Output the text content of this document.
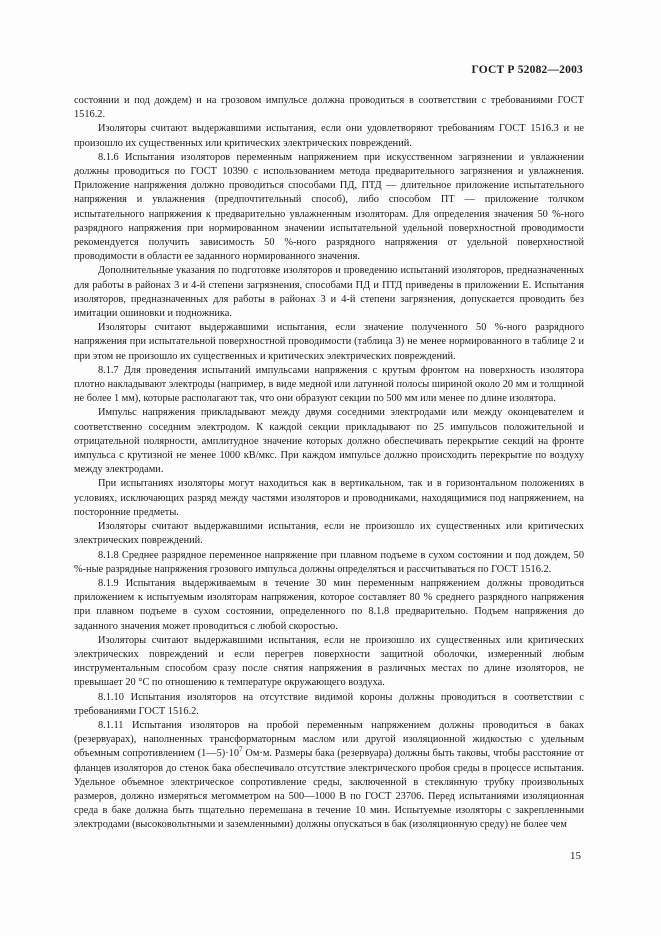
ГОСТ Р 52082—2003

состоянии и под дождем) и на грозовом импульсе должна проводиться в соответствии с требованиями ГОСТ 1516.2.

Изоляторы считают выдержавшими испытания, если они удовлетворяют требованиям ГОСТ 1516.3 и не произошло их существенных или критических электрических повреждений.

8.1.6 Испытания изоляторов переменным напряжением при искусственном загрязнении и увлажнении должны проводиться по ГОСТ 10390 с использованием метода предварительного загрязнения и увлажнения. Приложение напряжения должно проводиться способами ПД, ПТД — длительное приложение испытательного напряжения и увлажнения (предпочтительный способ), либо способом ПТ — приложение толчком испытательного напряжения к предварительно увлажненным изоляторам. Для определения значения 50 %-ного разрядного напряжения при нормированном значении испытательной удельной поверхностной проводимости рекомендуется получить зависимость 50 %-ного разрядного напряжения от удельной поверхностной проводимости в области ее заданного нормированного значения.

Дополнительные указания по подготовке изоляторов и проведению испытаний изоляторов, предназначенных для работы в районах 3 и 4-й степени загрязнения, способами ПД и ПТД приведены в приложении Е. Испытания изоляторов, предназначенных для работы в районах 3 и 4-й степени загрязнения, допускается проводить без имитации ошиновки и подножника.

Изоляторы считают выдержавшими испытания, если значение полученного 50 %-ного разрядного напряжения при испытательной поверхностной проводимости (таблица 3) не менее нормированного в таблице 2 и при этом не произошло их существенных и критических электрических повреждений.

8.1.7 Для проведения испытаний импульсами напряжения с крутым фронтом на поверхность изолятора плотно накладывают электроды (например, в виде медной или латунной полосы шириной около 20 мм и толщиной не более 1 мм), которые располагают так, что они образуют секции по 500 мм или менее по длине изолятора.

Импульс напряжения прикладывают между двумя соседними электродами или между оконцевателем и соответственно соседним электродом. К каждой секции прикладывают по 25 импульсов положительной и отрицательной полярности, амплитудное значение которых должно обеспечивать перекрытие секций на фронте импульса с крутизной не менее 1000 кВ/мкс. При каждом импульсе должно происходить перекрытие по воздуху между электродами.

При испытаниях изоляторы могут находиться как в вертикальном, так и в горизонтальном положениях в условиях, исключающих разряд между частями изоляторов и проводниками, находящимися под напряжением, на посторонние предметы.

Изоляторы считают выдержавшими испытания, если не произошло их существенных или критических электрических повреждений.

8.1.8 Среднее разрядное переменное напряжение при плавном подъеме в сухом состоянии и под дождем, 50 %-ные разрядные напряжения грозового импульса должны определяться и рассчитываться по ГОСТ 1516.2.

8.1.9 Испытания выдерживаемым в течение 30 мин переменным напряжением должны проводиться приложением к испытуемым изоляторам напряжения, которое составляет 80 % среднего разрядного напряжения при плавном подъеме в сухом состоянии, определенного по 8.1.8 предварительно. Подъем напряжения до заданного значения может проводиться с любой скоростью.

Изоляторы считают выдержавшими испытания, если не произошло их существенных или критических электрических повреждений и если перегрев поверхности защитной оболочки, измеренный любым инструментальным способом сразу после снятия напряжения в различных местах по длине изоляторов, не превышает 20 °С по отношению к температуре окружающего воздуха.

8.1.10 Испытания изоляторов на отсутствие видимой короны должны проводиться в соответствии с требованиями ГОСТ 1516.2.

8.1.11 Испытания изоляторов на пробой переменным напряжением должны проводиться в баках (резервуарах), наполненных трансформаторным маслом или другой изоляционной жидкостью с удельным объемным сопротивлением $(1—5)\cdot 10^7$ Ом·м. Размеры бака (резервуара) должны быть таковы, чтобы расстояние от фланцев изоляторов до стенок бака обеспечивало отсутствие электрического пробоя среды в процессе испытания. Удельное объемное электрическое сопротивление среды, заключенной в стеклянную трубку произвольных размеров, должно измеряться мегомметром на 500—1000 В по ГОСТ 23706. Перед испытаниями изоляционная среда в баке должна быть тщательно перемешана в течение 10 мин. Испытуемые изоляторы с закрепленными электродами (высоковольтными и заземленными) должны опускаться в бак (изоляционную среду) не более чем

15
